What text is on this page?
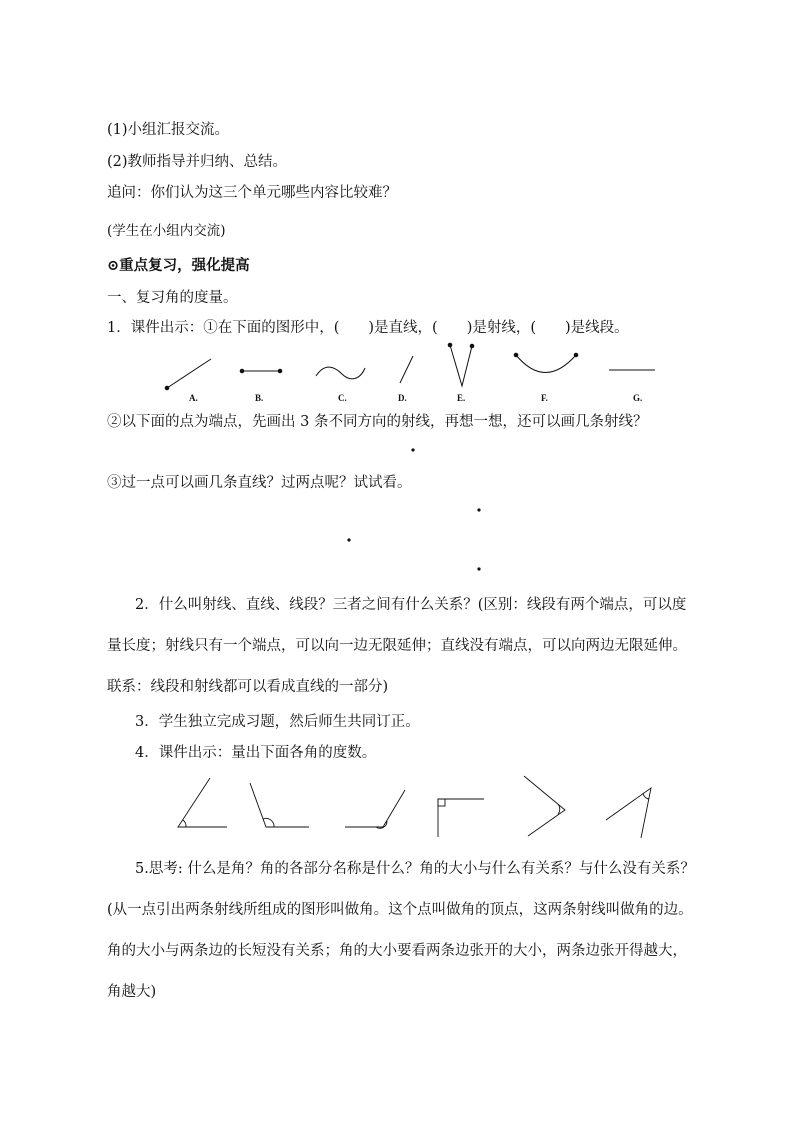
(1)小组汇报交流。
(2)教师指导并归纳、总结。
追问：你们认为这三个单元哪些内容比较难？
(学生在小组内交流)
⊙重点复习，强化提高
一、复习角的度量。
1．课件出示：①在下面的图形中，(　　)是直线，(　　)是射线，(　　)是线段。
A.	B.	C.	D.	E.	F.	G.
②以下面的点为端点，先画出 3 条不同方向的射线，再想一想，还可以画几条射线？
③过一点可以画几条直线？过两点呢？试试看。
2．什么叫射线、直线、线段？三者之间有什么关系？(区别：线段有两个端点，可以度
量长度；射线只有一个端点，可以向一边无限延伸；直线没有端点，可以向两边无限延伸。
联系：线段和射线都可以看成直线的一部分)
3．学生独立完成习题，然后师生共同订正。
4．课件出示：量出下面各角的度数。
5.思考: 什么是角？角的各部分名称是什么？角的大小与什么有关系？与什么没有关系？
(从一点引出两条射线所组成的图形叫做角。这个点叫做角的顶点，这两条射线叫做角的边。
角的大小与两条边的长短没有关系；角的大小要看两条边张开的大小，两条边张开得越大，
角越大)
